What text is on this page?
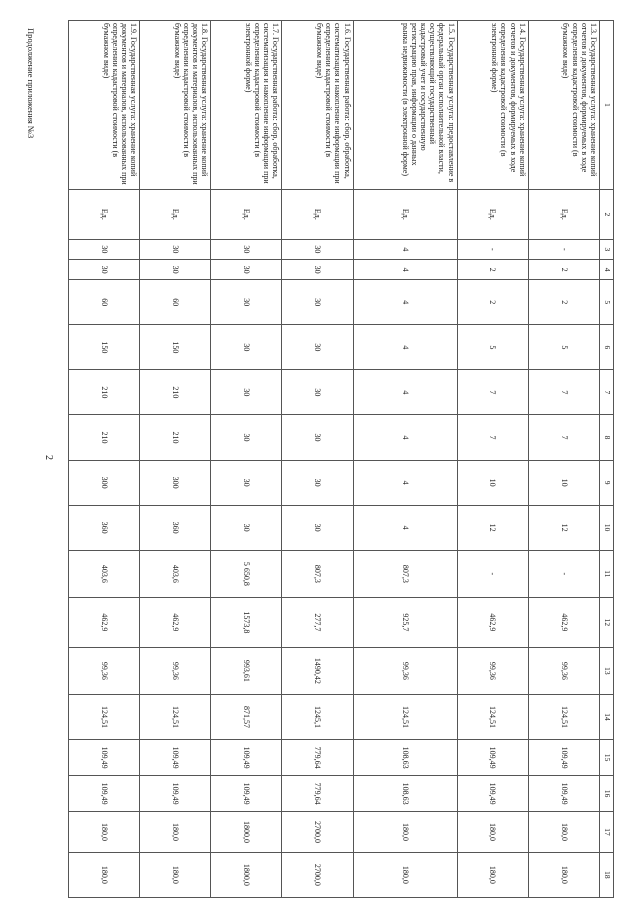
Продолжение приложения №3
2
1	2	3	4	5	6	7	8	9	10	11	12	13	14	15	16	17	18
1.3. Государственная услуга: хранение копий отчетов и документов, формируемых в ходе определения кадастровой стоимости (в бумажном виде)	Ед.	-	2	2	5	7	7	10	12	-	462,9	99,36	124,51	109,49	109,49	180,0	180,0
1.4. Государственная услуга: хранение копий отчетов и документов, формируемых в ходе определения кадастровой стоимости (в электронной форме)	Ед.	-	2	2	5	7	7	10	12	-	462,9	99,36	124,51	109,49	109,49	180,0	180,0
1.5. Государственная услуга: предоставление в федеральный орган исполнительной власти, осуществляющий государственный кадастровый учет и государственную регистрацию прав, информации о данных рынка недвижимости (в электронной форме)	Ед.	4	4	4	4	4	4	4	4	807,3	925,7	99,36	124,51	108,63	108,63	180,0	180,0
1.6. Государственная работа: сбор, обработка, систематизация и накопление информации при определении кадастровой стоимости (в бумажном виде)	Ед.	30	30	30	30	30	30	30	30	807,3	277,7	1490,42	1245,1	779,64	779,64	2700,0	2700,0
1.7. Государственная работа: сбор, обработка, систематизация и накопление информации при определении кадастровой стоимости (в электронной форме)	Ед.	30	30	30	30	30	30	30	30	5 650,8	1573,8	993,61	871,57	109,49	109,49	1800,0	1800,0
1.8. Государственная услуга: хранение копий документов и материалов, использованных при определении кадастровой стоимости (в бумажном виде)	Ед.	30	30	60	150	210	210	300	360	403,6	462,9	99,36	124,51	109,49	109,49	180,0	180,0
1.9. Государственная услуга: хранение копий документов и материалов, использованных при определении кадастровой стоимости (в бумажном виде)	Ед.	30	30	60	150	210	210	300	360	403,6	462,9	99,36	124,51	109,49	109,49	180,0	180,0
